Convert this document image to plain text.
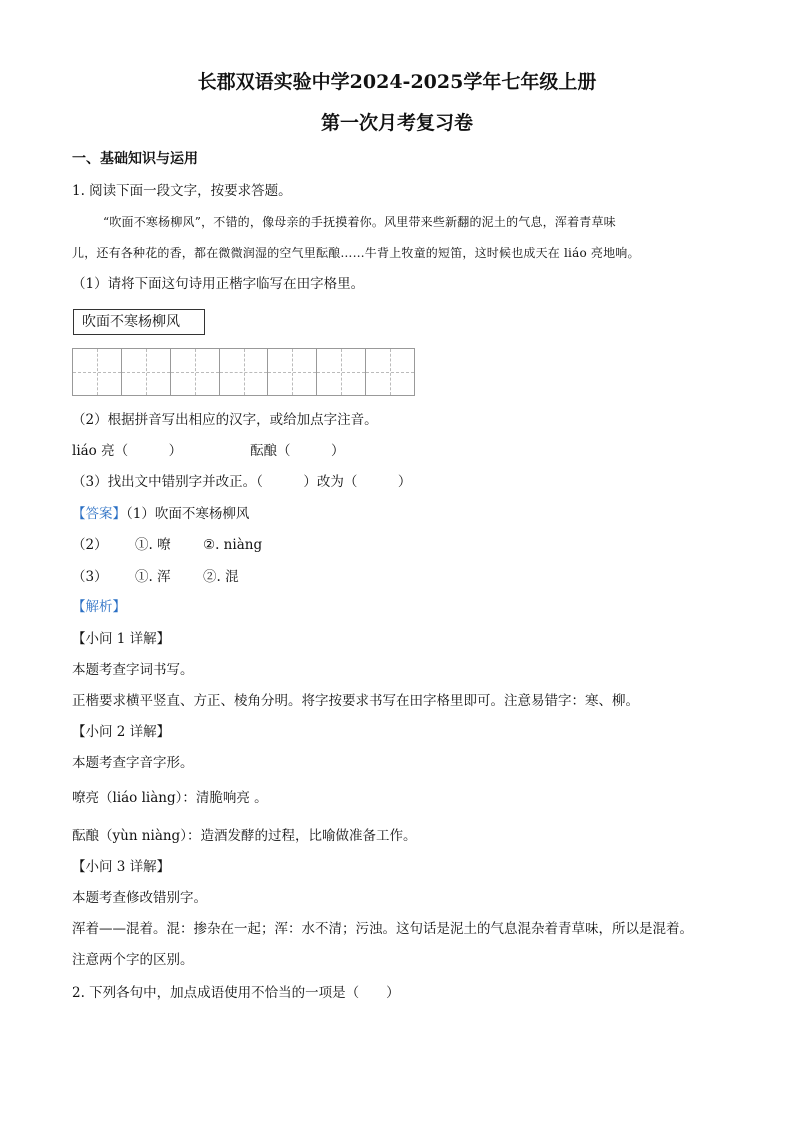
长郡双语实验中学2024-2025学年七年级上册
第一次月考复习卷
一、基础知识与运用
1. 阅读下面一段文字，按要求答题。
“吹面不寒杨柳风”，不错的，像母亲的手抚摸着你。风里带来些新翻的泥土的气息，浑着青草味
儿，还有各种花的香，都在微微润湿的空气里酝酿……牛背上牧童的短笛，这时候也成天在 liáo 亮地响。
（1）请将下面这句诗用正楷字临写在田字格里。
吹面不寒杨柳风
（2）根据拼音写出相应的汉字，或给加点字注音。
liáo 亮（　　　）	酝酿（　　　）
（3）找出文中错别字并改正。（　　　）改为（　　　）
【答案】（1）吹面不寒杨柳风
（2） ①. 嘹 ②. niàng
（3） ①. 浑 ②. 混
【解析】
【小问 1 详解】
本题考查字词书写。
正楷要求横平竖直、方正、棱角分明。将字按要求书写在田字格里即可。注意易错字：寒、柳。
【小问 2 详解】
本题考查字音字形。
嘹亮（liáo liàng）：清脆响亮 。
酝酿（yùn niàng）：造酒发酵的过程，比喻做准备工作。
【小问 3 详解】
本题考查修改错别字。
浑着——混着。混：掺杂在一起；浑：水不清；污浊。这句话是泥土的气息混杂着青草味，所以是混着。
注意两个字的区别。
2. 下列各句中，加点成语使用不恰当的一项是（　　）
